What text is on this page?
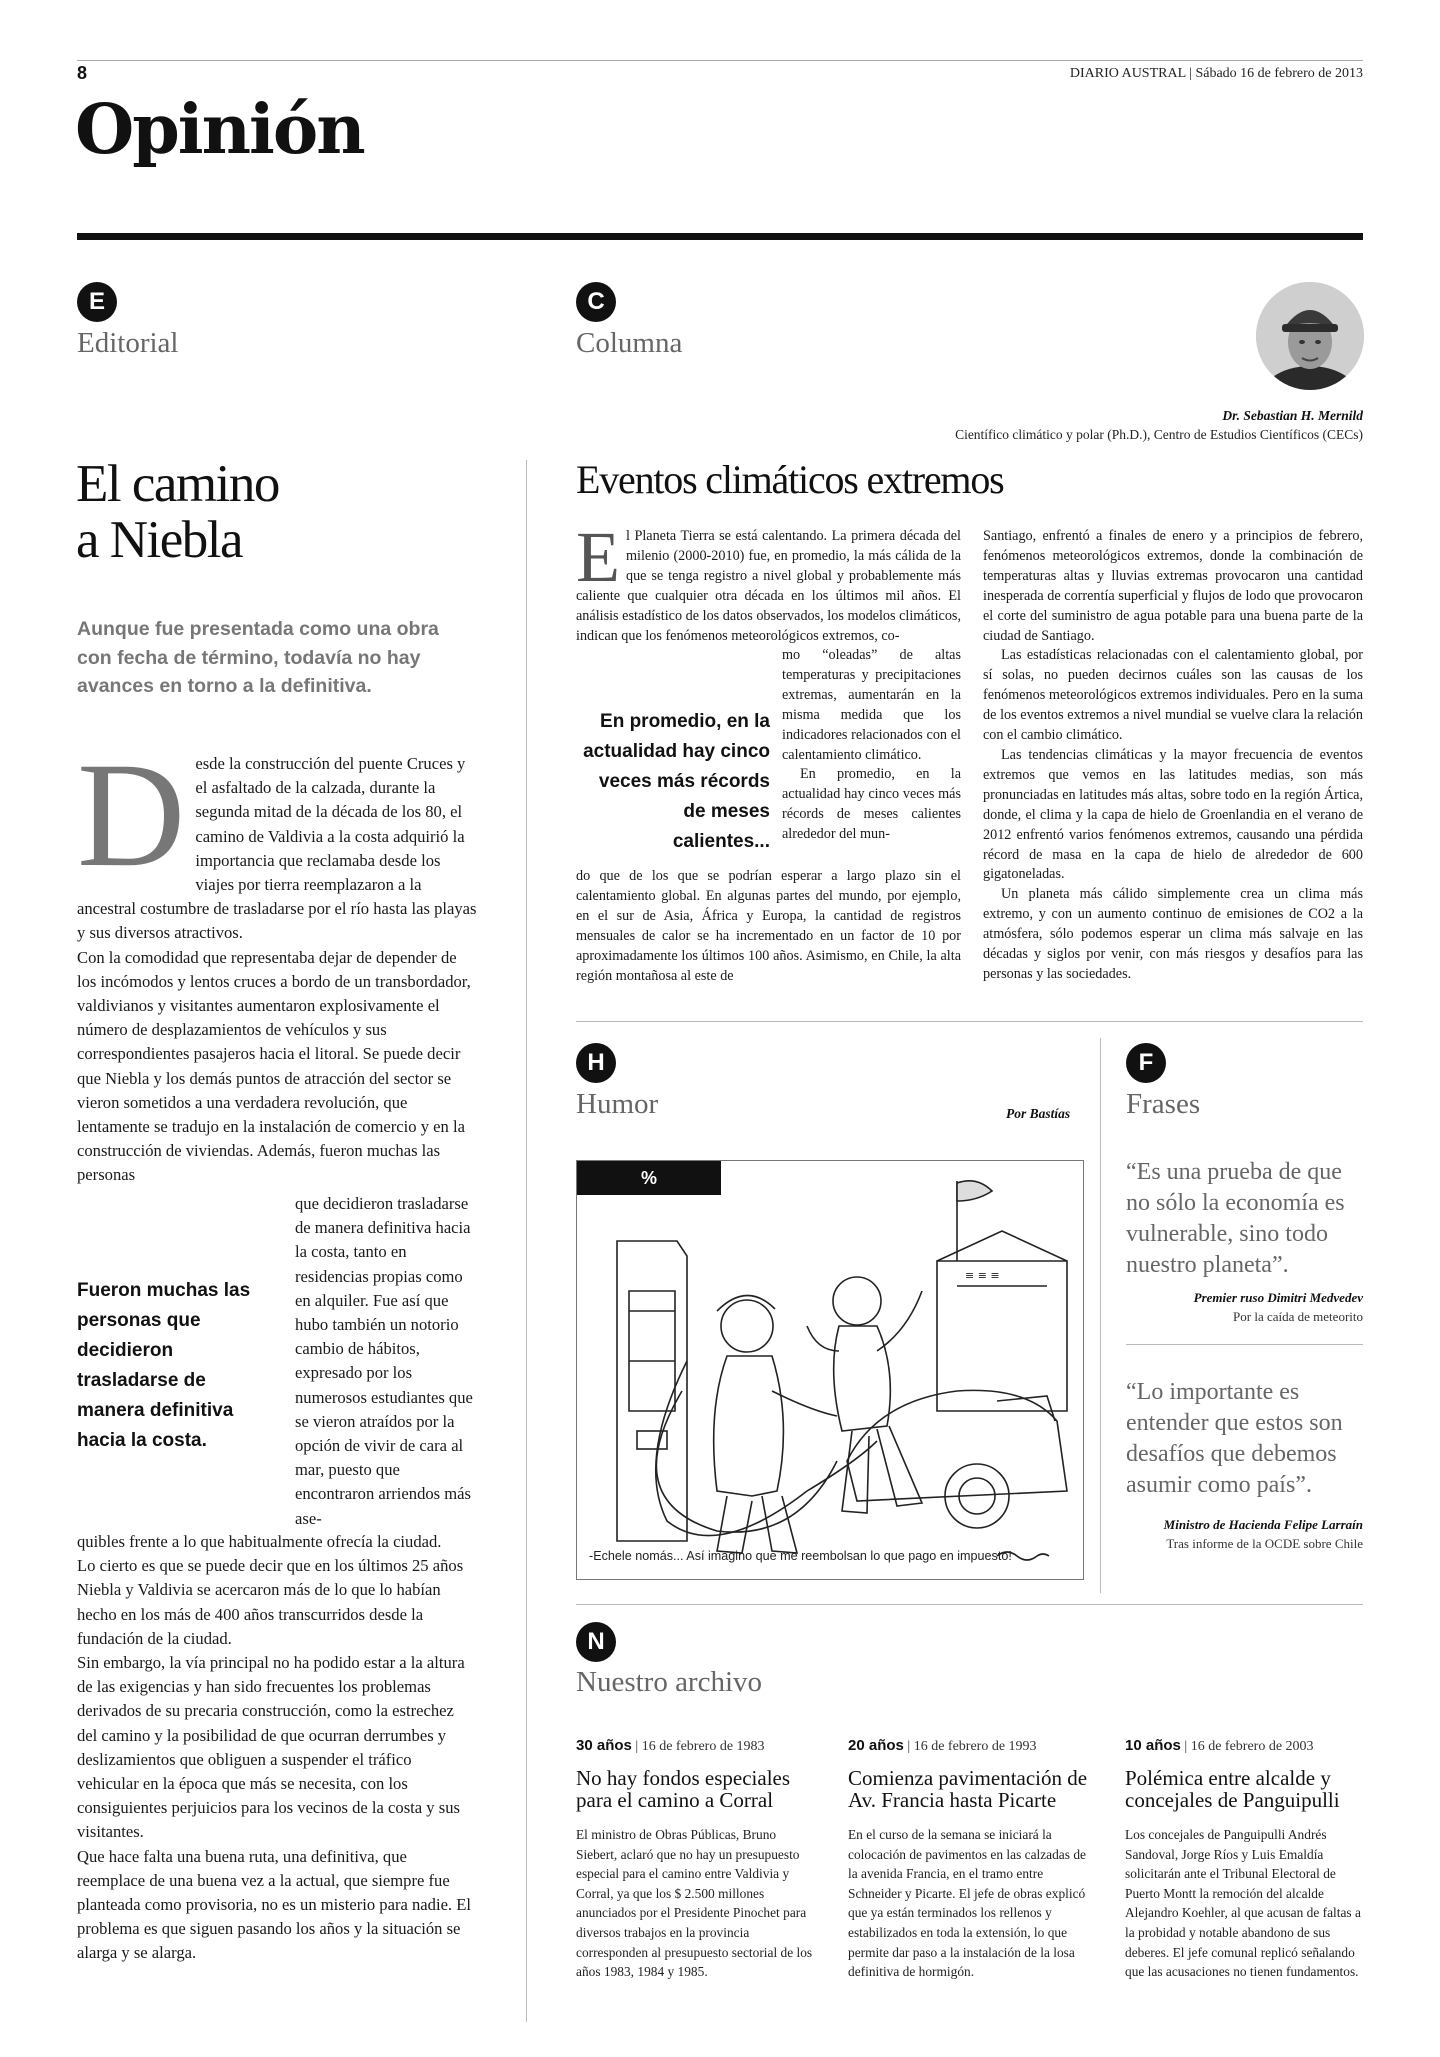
8	DIARIO AUSTRAL | Sábado 16 de febrero de 2013
Opinión
E
Editorial
El camino
a Niebla
Aunque fue presentada como una obra con fecha de término, todavía no hay avances en torno a la definitiva.
D esde la construcción del puente Cruces y el asfaltado de la calzada, durante la segunda mitad de la década de los 80, el camino de Valdivia a la costa adquirió la importancia que reclamaba desde los viajes por tierra reemplazaron a la ancestral costumbre de trasladarse por el río hasta las playas y sus diversos atractivos.
Con la comodidad que representaba dejar de depender de los incómodos y lentos cruces a bordo de un transbordador, valdivianos y visitantes aumentaron explosivamente el número de desplazamientos de vehículos y sus correspondientes pasajeros hacia el litoral. Se puede decir que Niebla y los demás puntos de atracción del sector se vieron sometidos a una verdadera revolución, que lentamente se tradujo en la instalación de comercio y en la construcción de viviendas. Además, fueron muchas las personas
que decidieron trasladarse de manera definitiva hacia la costa, tanto en residencias propias como en alquiler. Fue así que hubo también un notorio cambio de hábitos, expresado por los numerosos estudiantes que se vieron atraídos por la opción de vivir de cara al mar, puesto que encontraron arriendos más ase-
Fueron muchas las personas que decidieron trasladarse de manera definitiva hacia la costa.
quibles frente a lo que habitualmente ofrecía la ciudad.
Lo cierto es que se puede decir que en los últimos 25 años Niebla y Valdivia se acercaron más de lo que lo habían hecho en los más de 400 años transcurridos desde la fundación de la ciudad.
Sin embargo, la vía principal no ha podido estar a la altura de las exigencias y han sido frecuentes los problemas derivados de su precaria construcción, como la estrechez del camino y la posibilidad de que ocurran derrumbes y deslizamientos que obliguen a suspender el tráfico vehicular en la época que más se necesita, con los consiguientes perjuicios para los vecinos de la costa y sus visitantes.
Que hace falta una buena ruta, una definitiva, que reemplace de una buena vez a la actual, que siempre fue planteada como provisoria, no es un misterio para nadie. El problema es que siguen pasando los años y la situación se alarga y se alarga.
C
Columna
Dr. Sebastian H. Mernild
Científico climático y polar (Ph.D.), Centro de Estudios Científicos (CECs)
Eventos climáticos extremos
E l Planeta Tierra se está calentando. La primera década del milenio (2000-2010) fue, en promedio, la más cálida de la que se tenga registro a nivel global y probablemente más caliente que cualquier otra década en los últimos mil años. El análisis estadístico de los datos observados, los modelos climáticos, indican que los fenómenos meteorológicos extremos, co-
mo “oleadas” de altas temperaturas y precipitaciones extremas, aumentarán en la misma medida que los indicadores relacionados con el calentamiento climático.

En promedio, en la actualidad hay cinco veces más récords de meses calientes alrededor del mun-

En promedio, en la actualidad hay cinco veces más récords de meses calientes...
do que de los que se podrían esperar a largo plazo sin el calentamiento global. En algunas partes del mundo, por ejemplo, en el sur de Asia, África y Europa, la cantidad de registros mensuales de calor se ha incrementado en un factor de 10 por aproximadamente los últimos 100 años. Asimismo, en Chile, la alta región montañosa al este de

Santiago, enfrentó a finales de enero y a principios de febrero, fenómenos meteorológicos extremos, donde la combinación de temperaturas altas y lluvias extremas provocaron una cantidad inesperada de correntía superficial y flujos de lodo que provocaron el corte del suministro de agua potable para una buena parte de la ciudad de Santiago.

Las estadísticas relacionadas con el calentamiento global, por sí solas, no pueden decirnos cuáles son las causas de los fenómenos meteorológicos extremos individuales. Pero en la suma de los eventos extremos a nivel mundial se vuelve clara la relación con el cambio climático.

Las tendencias climáticas y la mayor frecuencia de eventos extremos que vemos en las latitudes medias, son más pronunciadas en latitudes más altas, sobre todo en la región Ártica, donde, el clima y la capa de hielo de Groenlandia en el verano de 2012 enfrentó varios fenómenos extremos, causando una pérdida récord de masa en la capa de hielo de alrededor de 600 gigatoneladas.

Un planeta más cálido simplemente crea un clima más extremo, y con un aumento continuo de emisiones de CO2 a la atmósfera, sólo podemos esperar un clima más salvaje en las décadas y siglos por venir, con más riesgos y desafíos para las personas y las sociedades.

H
Humor	Por Bastías
%
≡ ≡ ≡
-Echele nomás... Así imagino que me reembolsan lo que pago en impuesto!
F
Frases
“Es una prueba de que no sólo la economía es vulnerable, sino todo nuestro planeta”.
Premier ruso Dimitri Medvedev
Por la caída de meteorito
“Lo importante es entender que estos son desafíos que debemos asumir como país”.
Ministro de Hacienda Felipe Larraín
Tras informe de la OCDE sobre Chile
N
Nuestro archivo
30 años | 16 de febrero de 1983
No hay fondos especiales para el camino a Corral
El ministro de Obras Públicas, Bruno Siebert, aclaró que no hay un presupuesto especial para el camino entre Valdivia y Corral, ya que los $ 2.500 millones anunciados por el Presidente Pinochet para diversos trabajos en la provincia corresponden al presupuesto sectorial de los años 1983, 1984 y 1985.
20 años | 16 de febrero de 1993
Comienza pavimentación de Av. Francia hasta Picarte
En el curso de la semana se iniciará la colocación de pavimentos en las calzadas de la avenida Francia, en el tramo entre Schneider y Picarte. El jefe de obras explicó que ya están terminados los rellenos y estabilizados en toda la extensión, lo que permite dar paso a la instalación de la losa definitiva de hormigón.
10 años | 16 de febrero de 2003
Polémica entre alcalde y concejales de Panguipulli
Los concejales de Panguipulli Andrés Sandoval, Jorge Ríos y Luis Emaldía solicitarán ante el Tribunal Electoral de Puerto Montt la remoción del alcalde Alejandro Koehler, al que acusan de faltas a la probidad y notable abandono de sus deberes. El jefe comunal replicó señalando que las acusaciones no tienen fundamentos.
